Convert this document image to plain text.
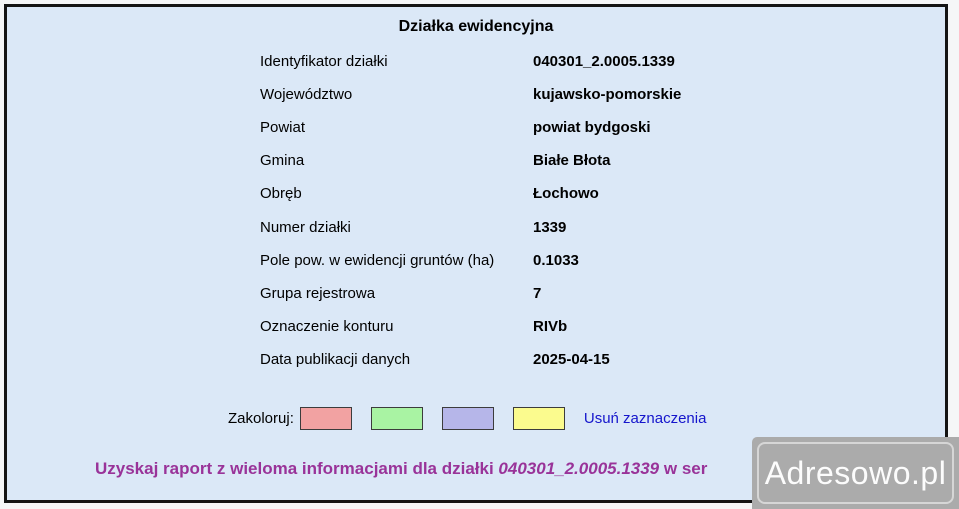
Działka ewidencyjna
Identyfikator działki	040301_2.0005.1339
Województwo	kujawsko-pomorskie
Powiat	powiat bydgoski
Gmina	Białe Błota
Obręb	Łochowo
Numer działki	1339
Pole pow. w ewidencji gruntów (ha)	0.1033
Grupa rejestrowa	7
Oznaczenie konturu	RIVb
Data publikacji danych	2025-04-15
Zakoloruj:	Usuń zaznaczenia
Uzyskaj raport z wieloma informacjami dla działki 040301_2.0005.1339 w ser Adresowo.pl
